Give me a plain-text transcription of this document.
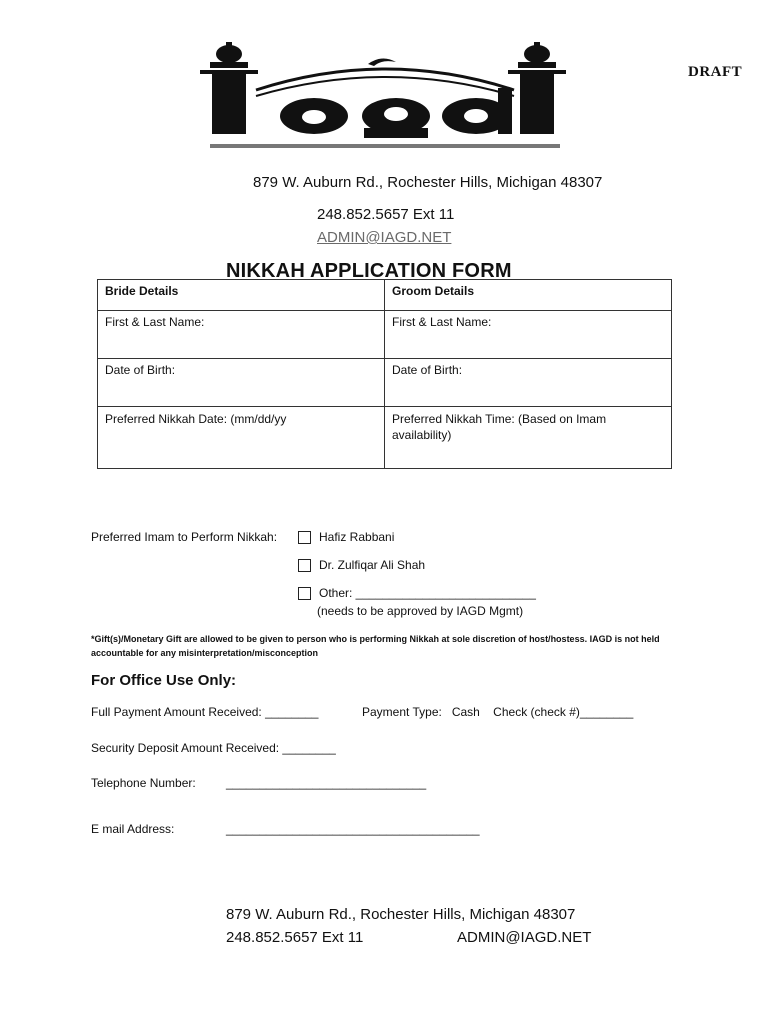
DRAFT
879 W. Auburn Rd., Rochester Hills, Michigan 48307
248.852.5657 Ext 11
ADMIN@IAGD.NET
NIKKAH APPLICATION FORM
Bride Details	Groom Details
First & Last Name:	First & Last Name:
Date of Birth:	Date of Birth:
Preferred Nikkah Date: (mm/dd/yy	Preferred Nikkah Time: (Based on Imam availability)
Preferred Imam to Perform Nikkah:	Hafiz Rabbani
Dr. Zulfiqar Ali Shah
Other: ___________________________
(needs to be approved by IAGD Mgmt)
*Gift(s)/Monetary Gift are allowed to be given to person who is performing Nikkah at sole discretion of host/hostess. IAGD is not held accountable for any misinterpretation/misconception
For Office Use Only:
Full Payment Amount Received: ________	Payment Type:   Cash    Check (check #)________
Security Deposit Amount Received: ________
Telephone Number:	______________________________
E mail Address:	______________________________________
879 W. Auburn Rd., Rochester Hills, Michigan 48307
248.852.5657 Ext 11	ADMIN@IAGD.NET
